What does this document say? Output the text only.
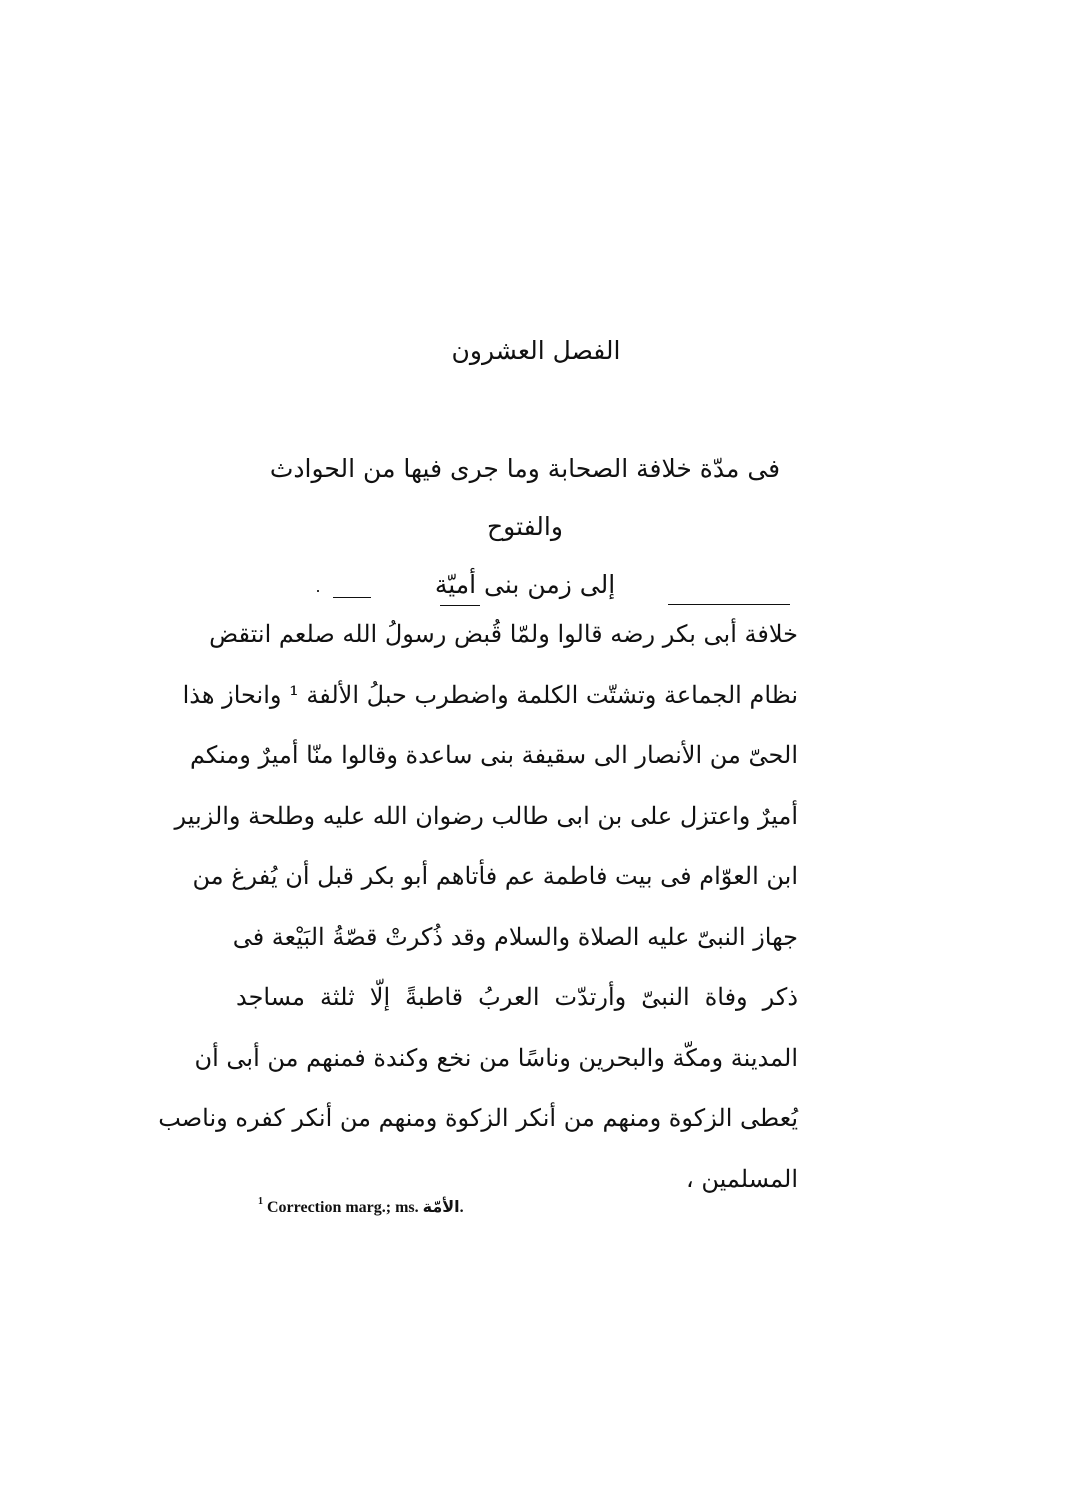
الفصل العشرون
فى مدّة خلافة الصحابة وما جرى فيها من الحوادث والفتوح
إلى زمن بنى أميّة
خلافة أبى بكر رضه قالوا ولمّا قُبض رسولُ الله صلعم انتقض
نظام الجماعة وتشتّت الكلمة واضطرب حبلُ الألفة ¹ وانحاز هذا
الحىّ من الأنصار الى سقيفة بنى ساعدة وقالوا منّا أميرٌ ومنكم
أميرٌ واعتزل على بن ابى طالب رضوان الله عليه وطلحة والزبير
ابن العوّام فى بيت فاطمة عم فأتاهم أبو بكر قبل أن يُفرغ من
جهاز النبىّ عليه الصلاة والسلام وقد ذُكرتْ قصّةُ البَيْعة فى
ذكر وفاة النبىّ وأرتدّت العربُ قاطبةً إلّا ثلثة مساجد
المدينة ومكّة والبحرين وناسًا من نخع وكندة فمنهم من أبى أن
يُعطى الزكوة ومنهم من أنكر الزكوة ومنهم من أنكر كفره وناصب
المسلمين ،
$^1$ Correction marg.; ms. الأمّة.
